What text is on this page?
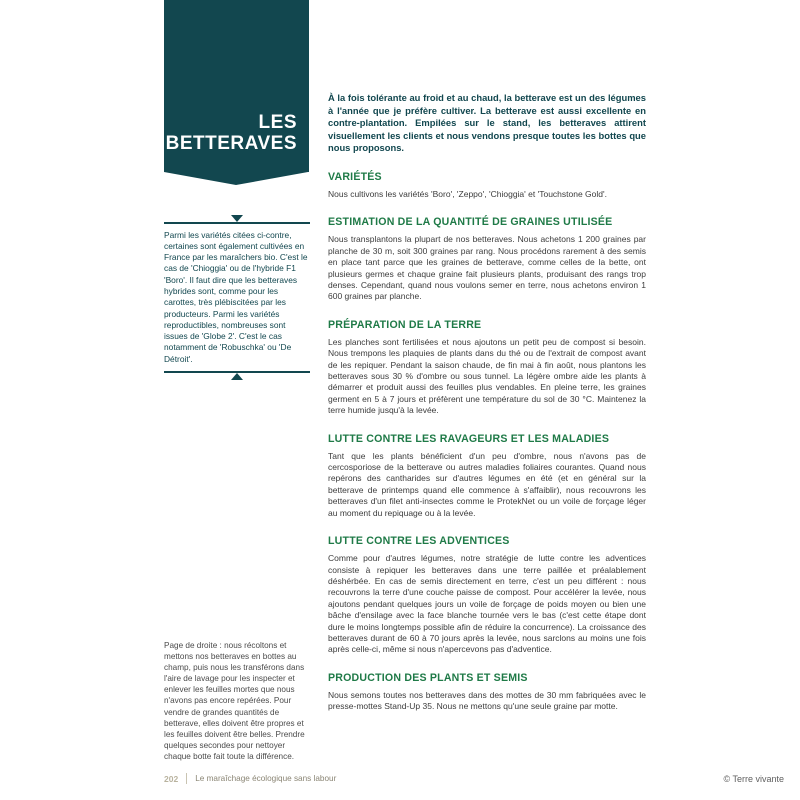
LES
BETTERAVES
Parmi les variétés citées ci-contre, certaines sont également cultivées en France par les maraîchers bio. C'est le cas de 'Chioggia' ou de l'hybride F1 'Boro'. Il faut dire que les betteraves hybrides sont, comme pour les carottes, très plébiscitées par les producteurs. Parmi les variétés reproductibles, nombreuses sont issues de 'Globe 2'. C'est le cas notamment de 'Robuschka' ou 'De Détroit'.
Page de droite : nous récoltons et mettons nos betteraves en bottes au champ, puis nous les transférons dans l'aire de lavage pour les inspecter et enlever les feuilles mortes que nous n'avons pas encore repérées. Pour vendre de grandes quantités de betterave, elles doivent être propres et les feuilles doivent être belles. Prendre quelques secondes pour nettoyer chaque botte fait toute la différence.

À la fois tolérante au froid et au chaud, la betterave est un des légumes à l'année que je préfère cultiver. La betterave est aussi excellente en contre-plantation. Empilées sur le stand, les betteraves attirent visuellement les clients et nous vendons presque toutes les bottes que nous proposons.

VARIÉTÉS

Nous cultivons les variétés 'Boro', 'Zeppo', 'Chioggia' et 'Touchstone Gold'.

ESTIMATION DE LA QUANTITÉ DE GRAINES UTILISÉE

Nous transplantons la plupart de nos betteraves. Nous achetons 1 200 graines par planche de 30 m, soit 300 graines par rang. Nous procédons rarement à des semis en place tant parce que les graines de betterave, comme celles de la bette, ont plusieurs germes et chaque graine fait plusieurs plants, produisant des rangs trop denses. Cependant, quand nous voulons semer en terre, nous achetons environ 1 600 graines par planche.

PRÉPARATION DE LA TERRE

Les planches sont fertilisées et nous ajoutons un petit peu de compost si besoin. Nous trempons les plaquies de plants dans du thé ou de l'extrait de compost avant de les repiquer. Pendant la saison chaude, de fin mai à fin août, nous plantons les betteraves sous 30 % d'ombre ou sous tunnel. La légère ombre aide les plants à démarrer et produit aussi des feuilles plus vendables. En pleine terre, les graines germent en 5 à 7 jours et préfèrent une température du sol de 30 °C. Maintenez la terre humide jusqu'à la levée.

LUTTE CONTRE LES RAVAGEURS ET LES MALADIES

Tant que les plants bénéficient d'un peu d'ombre, nous n'avons pas de cercosporiose de la betterave ou autres maladies foliaires courantes. Quand nous repérons des cantharides sur d'autres légumes en été (et en général sur la betterave de printemps quand elle commence à s'affaiblir), nous recouvrons les betteraves d'un filet anti-insectes comme le ProtekNet ou un voile de forçage léger au moment du repiquage ou à la levée.

LUTTE CONTRE LES ADVENTICES

Comme pour d'autres légumes, notre stratégie de lutte contre les adventices consiste à repiquer les betteraves dans une terre paillée et préalablement déshérbée. En cas de semis directement en terre, c'est un peu différent : nous recouvrons la terre d'une couche paisse de compost. Pour accélérer la levée, nous ajoutons pendant quelques jours un voile de forçage de poids moyen ou bien une bâche d'ensilage avec la face blanche tournée vers le bas (c'est cette étape dont dure le moins longtemps possible afin de réduire la concurrence). La croissance des betteraves durant de 60 à 70 jours après la levée, nous sarclons au moins une fois après celle-ci, même si nous n'apercevons pas d'adventice.

PRODUCTION DES PLANTS ET SEMIS

Nous semons toutes nos betteraves dans des mottes de 30 mm fabriquées avec le presse-mottes Stand-Up 35. Nous ne mettons qu'une seule graine par motte.

202 Le maraîchage écologique sans labour	© Terre vivante
